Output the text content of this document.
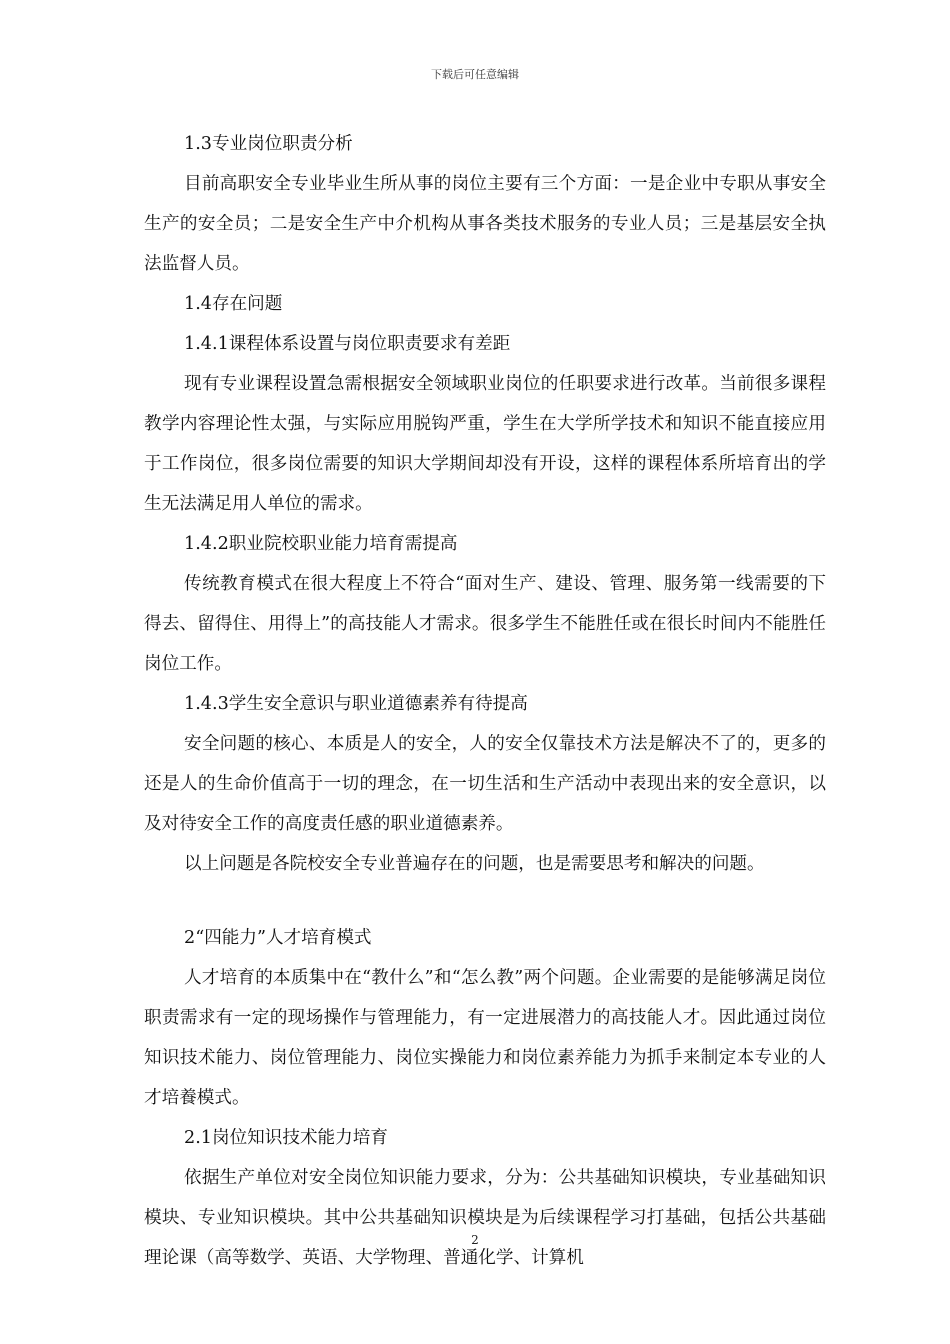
下载后可任意编辑

1.3专业岗位职责分析

目前高职安全专业毕业生所从事的岗位主要有三个方面：一是企业中专职从事安全生产的安全员；二是安全生产中介机构从事各类技术服务的专业人员；三是基层安全执法监督人员。

1.4存在问题

1.4.1课程体系设置与岗位职责要求有差距

现有专业课程设置急需根据安全领域职业岗位的任职要求进行改革。当前很多课程教学内容理论性太强，与实际应用脱钩严重，学生在大学所学技术和知识不能直接应用于工作岗位，很多岗位需要的知识大学期间却没有开设，这样的课程体系所培育出的学生无法满足用人单位的需求。

1.4.2职业院校职业能力培育需提高

传统教育模式在很大程度上不符合“面对生产、建设、管理、服务第一线需要的下得去、留得住、用得上”的高技能人才需求。很多学生不能胜任或在很长时间内不能胜任岗位工作。

1.4.3学生安全意识与职业道德素养有待提高

安全问题的核心、本质是人的安全，人的安全仅靠技术方法是解决不了的，更多的还是人的生命价值高于一切的理念，在一切生活和生产活动中表现出来的安全意识，以及对待安全工作的高度责任感的职业道德素养。

以上问题是各院校安全专业普遍存在的问题，也是需要思考和解决的问题。

2“四能力”人才培育模式

人才培育的本质集中在“教什么”和“怎么教”两个问题。企业需要的是能够满足岗位职责需求有一定的现场操作与管理能力，有一定进展潜力的高技能人才。因此通过岗位知识技术能力、岗位管理能力、岗位实操能力和岗位素养能力为抓手来制定本专业的人才培養模式。

2.1岗位知识技术能力培育

依据生产单位对安全岗位知识能力要求，分为：公共基础知识模块，专业基础知识模块、专业知识模块。其中公共基础知识模块是为后续课程学习打基础，包括公共基础理论课（高等数学、英语、大学物理、普通化学、计算机

2
